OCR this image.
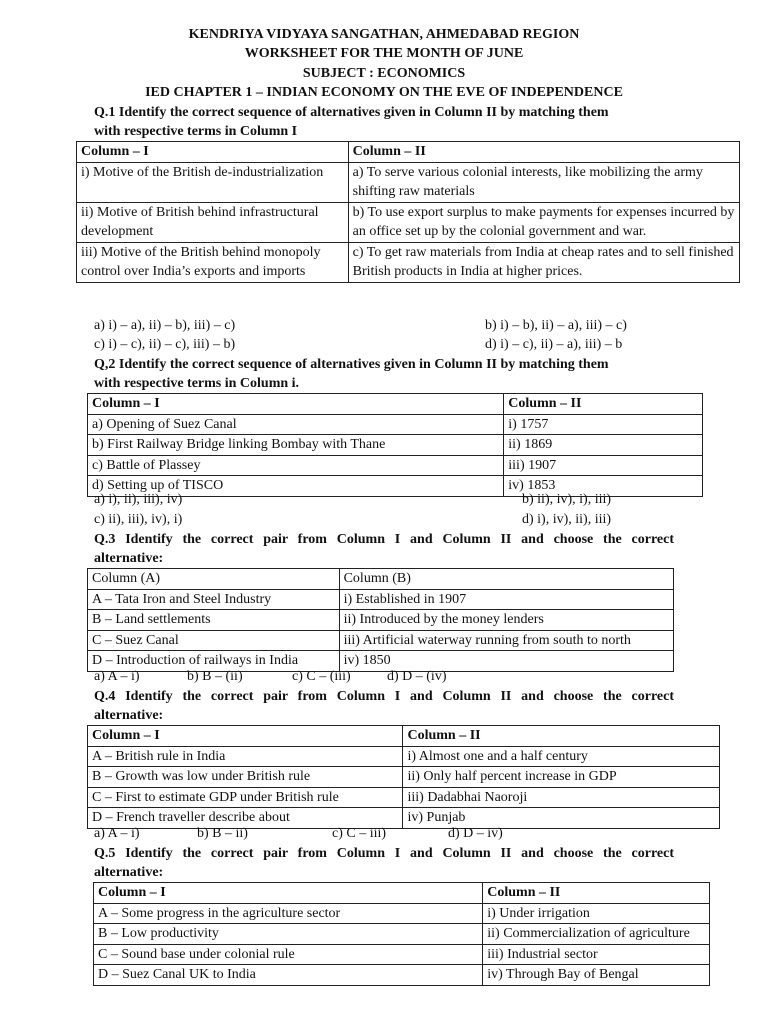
KENDRIYA VIDYAYA SANGATHAN, AHMEDABAD REGION
WORKSHEET FOR THE MONTH OF JUNE
SUBJECT : ECONOMICS
IED CHAPTER 1 – INDIAN ECONOMY ON THE EVE OF INDEPENDENCE
Q.1 Identify the correct sequence of alternatives given in Column II by matching them
with respective terms in Column I
Column – I	Column – II
i) Motive of the British de-industrialization	a) To serve various colonial interests, like mobilizing the army shifting raw materials
ii) Motive of British behind infrastructural development	b) To use export surplus to make payments for expenses incurred by an office set up by the colonial government and war.
iii) Motive of the British behind monopoly control over India’s exports and imports	c) To get raw materials from India at cheap rates and to sell finished British products in India at higher prices.
a) i) – a), ii) – b), iii) – c)	b) i) – b), ii) – a), iii) – c)
c) i) – c), ii) – c), iii) – b)	d) i) – c), ii) – a), iii) – b
Q,2 Identify the correct sequence of alternatives given in Column II by matching them
with respective terms in Column i.
Column – I	Column – II
a) Opening of Suez Canal	i) 1757
b) First Railway Bridge linking Bombay with Thane	ii) 1869
c) Battle of Plassey	iii) 1907
d) Setting up of TISCO	iv) 1853
a) i), ii), iii), iv)	b) ii), iv), i), iii)
c) ii), iii), iv), i)	d) i), iv), ii), iii)
Q.3 Identify the correct pair from Column I and Column II and choose the correct
alternative:
Column (A)	Column (B)
A – Tata Iron and Steel Industry	i) Established in 1907
B – Land settlements	ii) Introduced by the money lenders
C – Suez Canal	iii) Artificial waterway running from south to north
D – Introduction of railways in India	iv) 1850
a) A – i)	b) B – (ii)	c) C – (iii)	d) D – (iv)
Q.4 Identify the correct pair from Column I and Column II and choose the correct
alternative:
Column – I	Column – II
A – British rule in India	i) Almost one and a half century
B – Growth was low under British rule	ii) Only half percent increase in GDP
C – First to estimate GDP under British rule	iii) Dadabhai Naoroji
D – French traveller describe about	iv) Punjab
a) A – i)	b) B – ii)	c) C – iii)	d) D – iv)
Q.5 Identify the correct pair from Column I and Column II and choose the correct
alternative:
Column – I	Column – II
A – Some progress in the agriculture sector	i) Under irrigation
B – Low productivity	ii) Commercialization of agriculture
C – Sound base under colonial rule	iii) Industrial sector
D – Suez Canal UK to India	iv) Through Bay of Bengal
